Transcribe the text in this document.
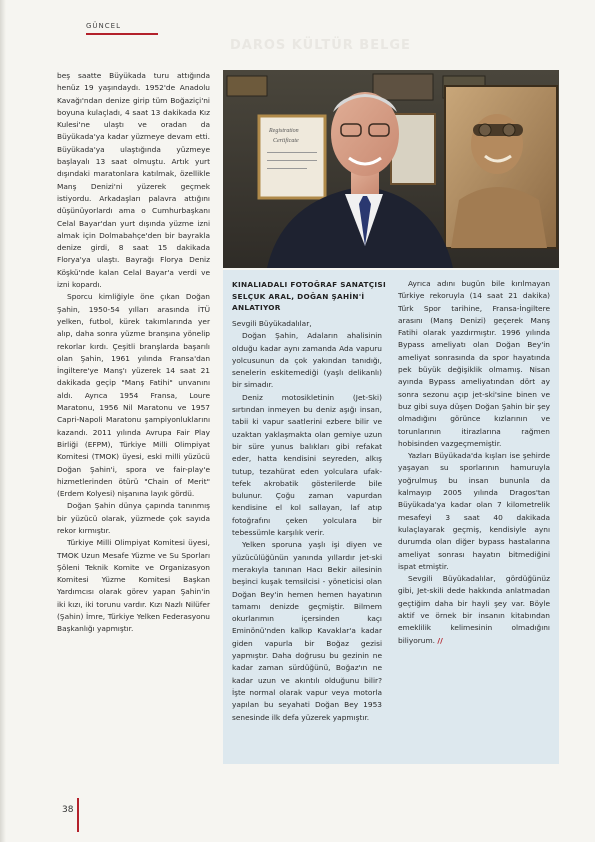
GÜNCEL
DAROS KÜLTÜR BELGE

beş saatte Büyükada turu attığında henüz 19 yaşındaydı. 1952'de Anadolu Kavağı'ndan denize girip tüm Boğaziçi'ni boyuna kulaçladı, 4 saat 13 dakikada Kız Kulesi'ne ulaştı ve oradan da Büyükada'ya kadar yüzmeye devam etti. Büyükada'ya ulaştığında yüzmeye başlayalı 13 saat olmuştu. Artık yurt dışındaki maratonlara katılmak, özellikle Manş Denizi'ni yüzerek geçmek istiyordu. Arkadaşları palavra attığını düşünüyorlardı ama o Cumhurbaşkanı Celal Bayar'dan yurt dışında yüzme izni almak için Dolmabahçe'den bir bayrakla denize girdi, 8 saat 15 dakikada Florya'ya ulaştı. Bayrağı Florya Deniz Köşkü'nde kalan Celal Bayar'a verdi ve izni kopardı.

Sporcu kimliğiyle öne çıkan Doğan Şahin, 1950-54 yılları arasında İTÜ yelken, futbol, kürek takımlarında yer alıp, daha sonra yüzme branşına yönelip rekorlar kırdı. Çeşitli branşlarda başarılı olan Şahin, 1961 yılında Fransa'dan İngiltere'ye Manş'ı yüzerek 14 saat 21 dakikada geçip "Manş Fatihi" unvanını aldı. Ayrıca 1954 Fransa, Loure Maratonu, 1956 Nil Maratonu ve 1957 Capri-Napoli Maratonu şampiyonluklarını kazandı. 2011 yılında Avrupa Fair Play Birliği (EFPM), Türkiye Milli Olimpiyat Komitesi (TMOK) üyesi, eski milli yüzücü Doğan Şahin'i, spora ve fair-play'e hizmetlerinden ötürü "Chain of Merit" (Erdem Kolyesi) nişanına layık gördü.

Doğan Şahin dünya çapında tanınmış bir yüzücü olarak, yüzmede çok sayıda rekor kırmıştır.

Türkiye Milli Olimpiyat Komitesi üyesi, TMOK Uzun Mesafe Yüzme ve Su Sporları Şöleni Teknik Komite ve Organizasyon Komitesi Yüzme Komitesi Başkan Yardımcısı olarak görev yapan Şahin'in iki kızı, iki torunu vardır. Kızı Nazlı Nilüfer (Şahin) İmre, Türkiye Yelken Federasyonu Başkanlığı yapmıştır.

Registration
Certificate
KINALIADALI FOTOĞRAF SANATÇISI SELÇUK ARAL, DOĞAN ŞAHİN'İ ANLATIYOR

Sevgili Büyükadalılar,

Doğan Şahin, Adaların ahalisinin olduğu kadar aynı zamanda Ada vapuru yolcusunun da çok yakından tanıdığı, senelerin eskitemediği (yaşlı delikanlı) bir simadır.

Deniz motosikletinin (Jet-Ski) sırtından inmeyen bu deniz aşığı insan, tabii ki vapur saatlerini ezbere bilir ve uzaktan yaklaşmakta olan gemiye uzun bir süre yunus balıkları gibi refakat eder, hatta kendisini seyreden, alkış tutup, tezahürat eden yolculara ufak-tefek akrobatik gösterilerde bile bulunur. Çoğu zaman vapurdan kendisine el kol sallayan, laf atıp fotoğrafını çeken yolculara bir tebessümle karşılık verir.

Yelken sporuna yaşlı işi diyen ve yüzücülüğünün yanında yıllardır jet-ski merakıyla tanınan Hacı Bekir ailesinin beşinci kuşak temsilcisi - yöneticisi olan Doğan Bey'in hemen hemen hayatının tamamı denizde geçmiştir. Bilmem okurlarımın içersinden kaçı Eminönü'nden kalkıp Kavaklar'a kadar giden vapurla bir Boğaz gezisi yapmıştır. Daha doğrusu bu gezinin ne kadar zaman sürdüğünü, Boğaz'ın ne kadar uzun ve akıntılı olduğunu bilir? İşte normal olarak vapur veya motorla yapılan bu seyahati Doğan Bey 1953 senesinde ilk defa yüzerek yapmıştır.

Ayrıca adını bugün bile kırılmayan Türkiye rekoruyla (14 saat 21 dakika) Türk Spor tarihine, Fransa-İngiltere arasını (Manş Denizi) geçerek Manş Fatihi olarak yazdırmıştır. 1996 yılında Bypass ameliyatı olan Doğan Bey'in ameliyat sonrasında da spor hayatında pek büyük değişiklik olmamış. Nisan ayında Bypass ameliyatından dört ay sonra sezonu açıp jet-ski'sine binen ve buz gibi suya düşen Doğan Şahin bir şey olmadığını görünce kızlarının ve torunlarının itirazlarına rağmen hobisinden vazgeçmemiştir.

Yazları Büyükada'da kışları ise şehirde yaşayan su sporlarının hamuruyla yoğrulmuş bu insan bununla da kalmayıp 2005 yılında Dragos'tan Büyükada'ya kadar olan 7 kilometrelik mesafeyi 3 saat 40 dakikada kulaçlayarak geçmiş, kendisiyle aynı durumda olan diğer bypass hastalarına ameliyat sonrası hayatın bitmediğini ispat etmiştir.

Sevgili Büyükadalılar, gördüğünüz gibi, Jet-skili dede hakkında anlatmadan geçtiğim daha bir hayli şey var. Böyle aktif ve örnek bir insanın kitabından emeklilik kelimesinin olmadığını biliyorum. //

38
